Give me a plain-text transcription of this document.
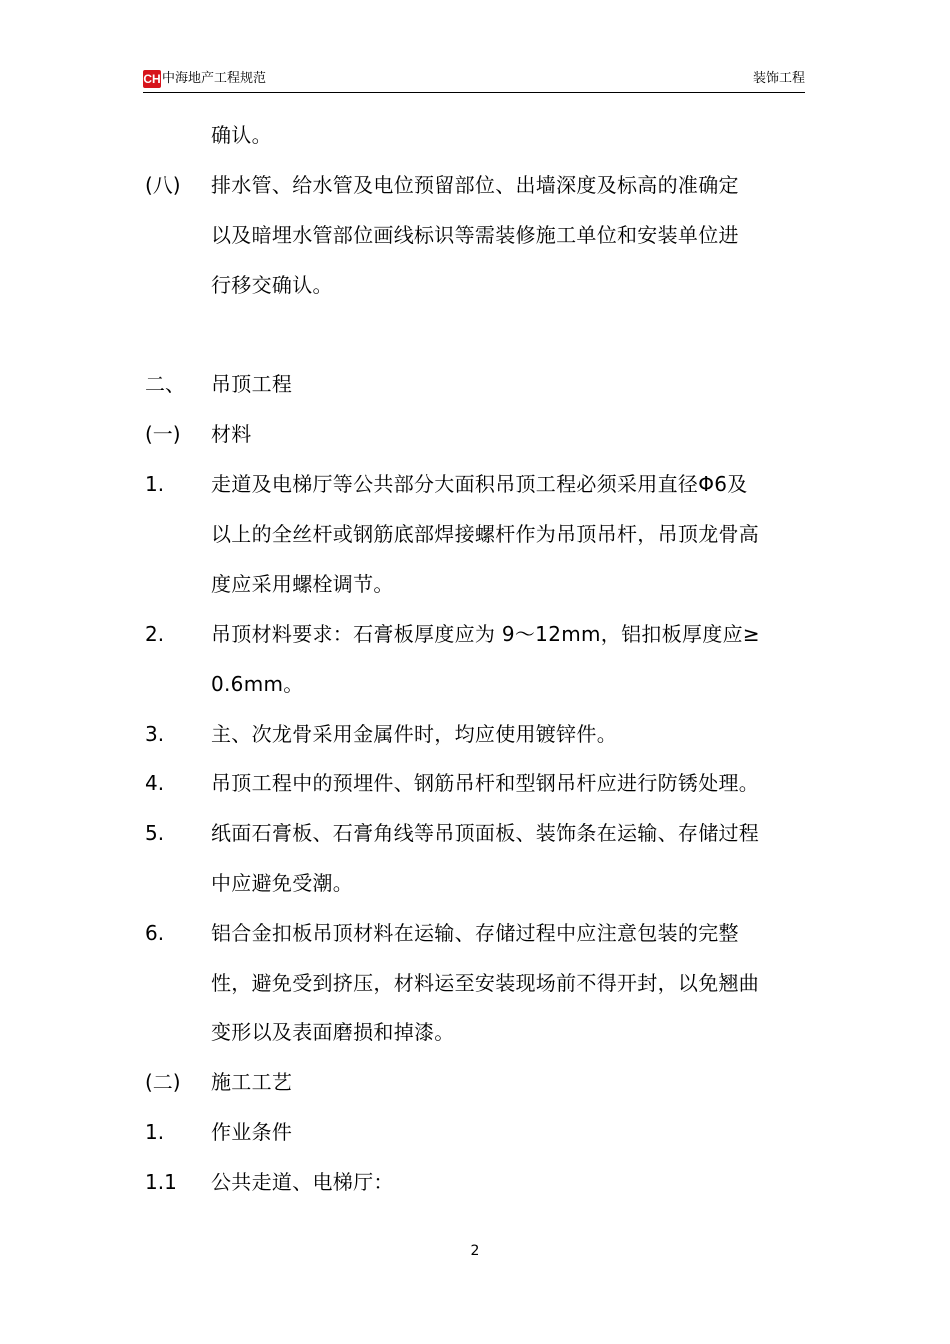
CH 中海地产工程规范	装饰工程
确认。
(八) 排水管、给水管及电位预留部位、出墙深度及标高的准确定
以及暗埋水管部位画线标识等需装修施工单位和安装单位进
行移交确认。
二、 吊顶工程
(一) 材料
1. 走道及电梯厅等公共部分大面积吊顶工程必须采用直径Φ6及
以上的全丝杆或钢筋底部焊接螺杆作为吊顶吊杆，吊顶龙骨高
度应采用螺栓调节。
2. 吊顶材料要求：石膏板厚度应为 9～12mm，铝扣板厚度应≥
0.6mm。
3. 主、次龙骨采用金属件时，均应使用镀锌件。
4. 吊顶工程中的预埋件、钢筋吊杆和型钢吊杆应进行防锈处理。
5. 纸面石膏板、石膏角线等吊顶面板、装饰条在运输、存储过程
中应避免受潮。
6. 铝合金扣板吊顶材料在运输、存储过程中应注意包装的完整
性，避免受到挤压，材料运至安装现场前不得开封，以免翘曲
变形以及表面磨损和掉漆。
(二) 施工工艺
1. 作业条件
1.1 公共走道、电梯厅：
2
